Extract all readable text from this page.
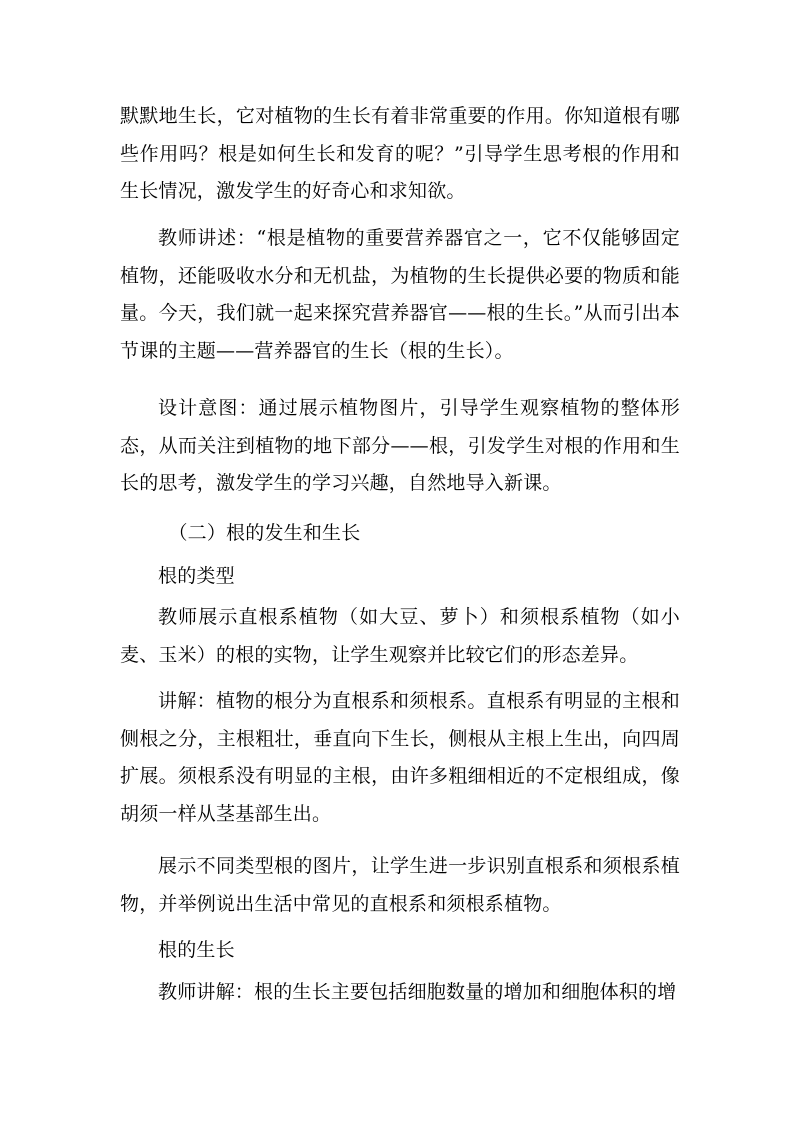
默默地生长，它对植物的生长有着非常重要的作用。你知道根有哪些作用吗？根是如何生长和发育的呢？”引导学生思考根的作用和生长情况，激发学生的好奇心和求知欲。

教师讲述：“根是植物的重要营养器官之一，它不仅能够固定植物，还能吸收水分和无机盐，为植物的生长提供必要的物质和能量。今天，我们就一起来探究营养器官——根的生长。”从而引出本节课的主题——营养器官的生长（根的生长）。

设计意图：通过展示植物图片，引导学生观察植物的整体形态，从而关注到植物的地下部分——根，引发学生对根的作用和生长的思考，激发学生的学习兴趣，自然地导入新课。

（二）根的发生和生长

根的类型

教师展示直根系植物（如大豆、萝卜）和须根系植物（如小麦、玉米）的根的实物，让学生观察并比较它们的形态差异。

讲解：植物的根分为直根系和须根系。直根系有明显的主根和侧根之分，主根粗壮，垂直向下生长，侧根从主根上生出，向四周扩展。须根系没有明显的主根，由许多粗细相近的不定根组成，像胡须一样从茎基部生出。

展示不同类型根的图片，让学生进一步识别直根系和须根系植物，并举例说出生活中常见的直根系和须根系植物。

根的生长

教师讲解：根的生长主要包括细胞数量的增加和细胞体积的增
